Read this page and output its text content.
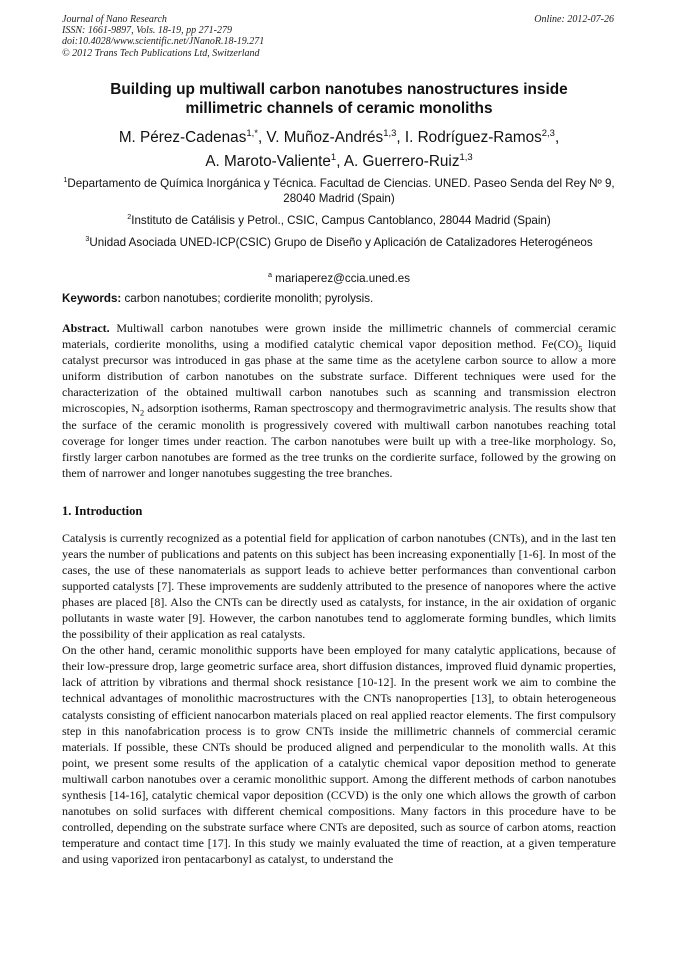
Journal of Nano Research
ISSN: 1661-9897, Vols. 18-19, pp 271-279
doi:10.4028/www.scientific.net/JNanoR.18-19.271
© 2012 Trans Tech Publications Ltd, Switzerland
Online: 2012-07-26
Building up multiwall carbon nanotubes nanostructures inside
millimetric channels of ceramic monoliths
M. Pérez-Cadenas$^{1,*}$, V. Muñoz-Andrés$^{1,3}$, I. Rodríguez-Ramos$^{2,3}$,
A. Maroto-Valiente$^1$, A. Guerrero-Ruiz$^{1,3}$
$^1$Departamento de Química Inorgánica y Técnica. Facultad de Ciencias. UNED. Paseo Senda del Rey Nº 9, 28040 Madrid (Spain)
$^2$Instituto de Catálisis y Petrol., CSIC, Campus Cantoblanco, 28044 Madrid (Spain)
$^3$Unidad Asociada UNED-ICP(CSIC) Grupo de Diseño y Aplicación de Catalizadores Heterogéneos
$^a$ mariaperez@ccia.uned.es
Keywords: carbon nanotubes; cordierite monolith; pyrolysis.

Abstract. Multiwall carbon nanotubes were grown inside the millimetric channels of commercial ceramic materials, cordierite monoliths, using a modified catalytic chemical vapor deposition method. $Fe(CO)_5$ liquid catalyst precursor was introduced in gas phase at the same time as the acetylene carbon source to allow a more uniform distribution of carbon nanotubes on the substrate surface. Different techniques were used for the characterization of the obtained multiwall carbon nanotubes such as scanning and transmission electron microscopies, $N_2$ adsorption isotherms, Raman spectroscopy and thermogravimetric analysis. The results show that the surface of the ceramic monolith is progressively covered with multiwall carbon nanotubes reaching total coverage for longer times under reaction. The carbon nanotubes were built up with a tree-like morphology. So, firstly larger carbon nanotubes are formed as the tree trunks on the cordierite surface, followed by the growing on them of narrower and longer nanotubes suggesting the tree branches.

1. Introduction

Catalysis is currently recognized as a potential field for application of carbon nanotubes (CNTs), and in the last ten years the number of publications and patents on this subject has been increasing exponentially [1-6]. In most of the cases, the use of these nanomaterials as support leads to achieve better performances than conventional carbon supported catalysts [7]. These improvements are suddenly attributed to the presence of nanopores where the active phases are placed [8]. Also the CNTs can be directly used as catalysts, for instance, in the air oxidation of organic pollutants in waste water [9]. However, the carbon nanotubes tend to agglomerate forming bundles, which limits the possibility of their application as real catalysts.

On the other hand, ceramic monolithic supports have been employed for many catalytic applications, because of their low-pressure drop, large geometric surface area, short diffusion distances, improved fluid dynamic properties, lack of attrition by vibrations and thermal shock resistance [10-12]. In the present work we aim to combine the technical advantages of monolithic macrostructures with the CNTs nanoproperties [13], to obtain heterogeneous catalysts consisting of efficient nanocarbon materials placed on real applied reactor elements. The first compulsory step in this nanofabrication process is to grow CNTs inside the millimetric channels of commercial ceramic materials. If possible, these CNTs should be produced aligned and perpendicular to the monolith walls. At this point, we present some results of the application of a catalytic chemical vapor deposition method to generate multiwall carbon nanotubes over a ceramic monolithic support. Among the different methods of carbon nanotubes synthesis [14-16], catalytic chemical vapor deposition (CCVD) is the only one which allows the growth of carbon nanotubes on solid surfaces with different chemical compositions. Many factors in this procedure have to be controlled, depending on the substrate surface where CNTs are deposited, such as source of carbon atoms, reaction temperature and contact time [17]. In this study we mainly evaluated the time of reaction, at a given temperature and using vaporized iron pentacarbonyl as catalyst, to understand the
